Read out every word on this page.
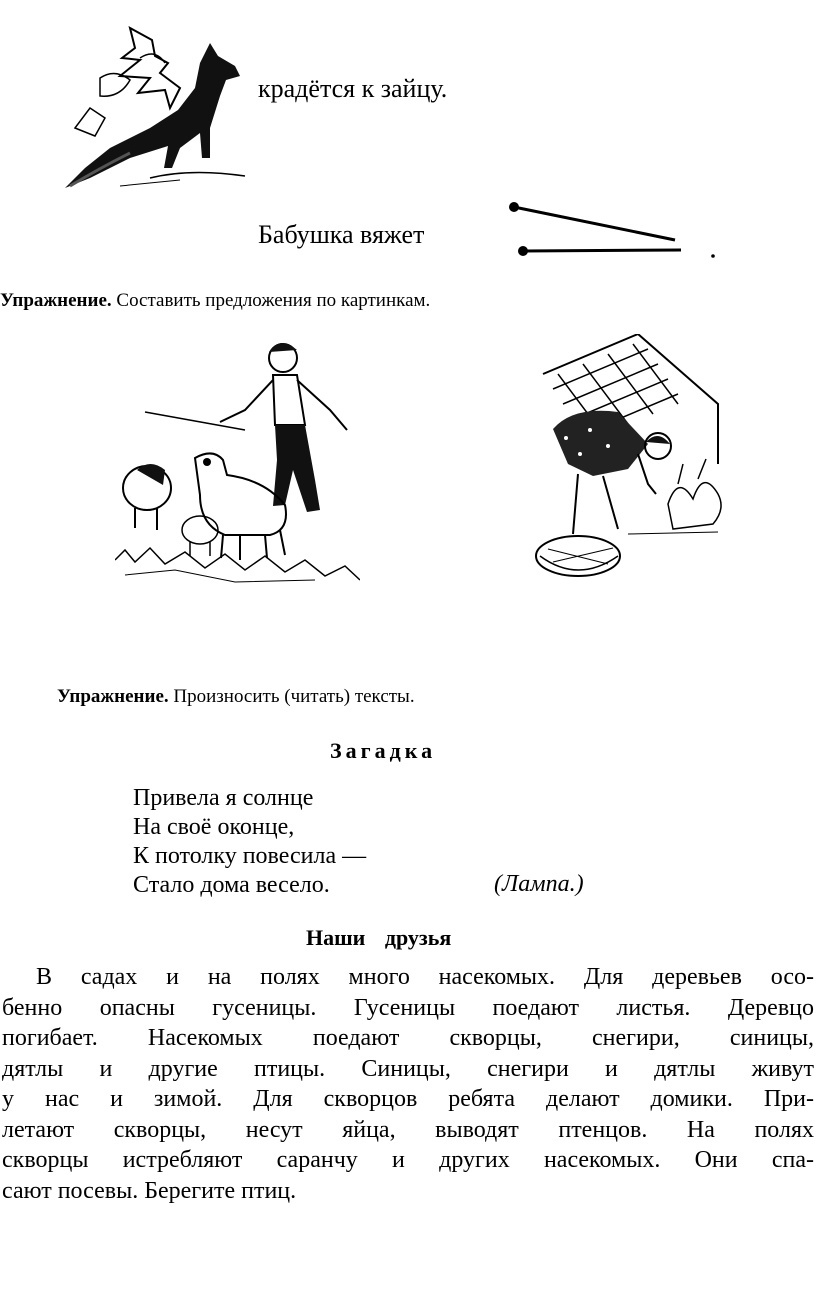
крадётся к зайцу.
Бабушка вяжет
Упражнение. Составить предложения по картинкам.
Упражнение. Произносить (читать) тексты.
Загадка
Привела я солнце
На своё оконце,
К потолку повесила —
Стало дома весело.	(Лампа.)
Наши друзья
В садах и на полях много насекомых. Для деревьев осо-
бенно опасны гусеницы. Гусеницы поедают листья. Деревцо
погибает. Насекомых поедают скворцы, снегири, синицы,
дятлы и другие птицы. Синицы, снегири и дятлы живут
у нас и зимой. Для скворцов ребята делают домики. При-
летают скворцы, несут яйца, выводят птенцов. На полях
скворцы истребляют саранчу и других насекомых. Они спа-
сают посевы. Берегите птиц.
